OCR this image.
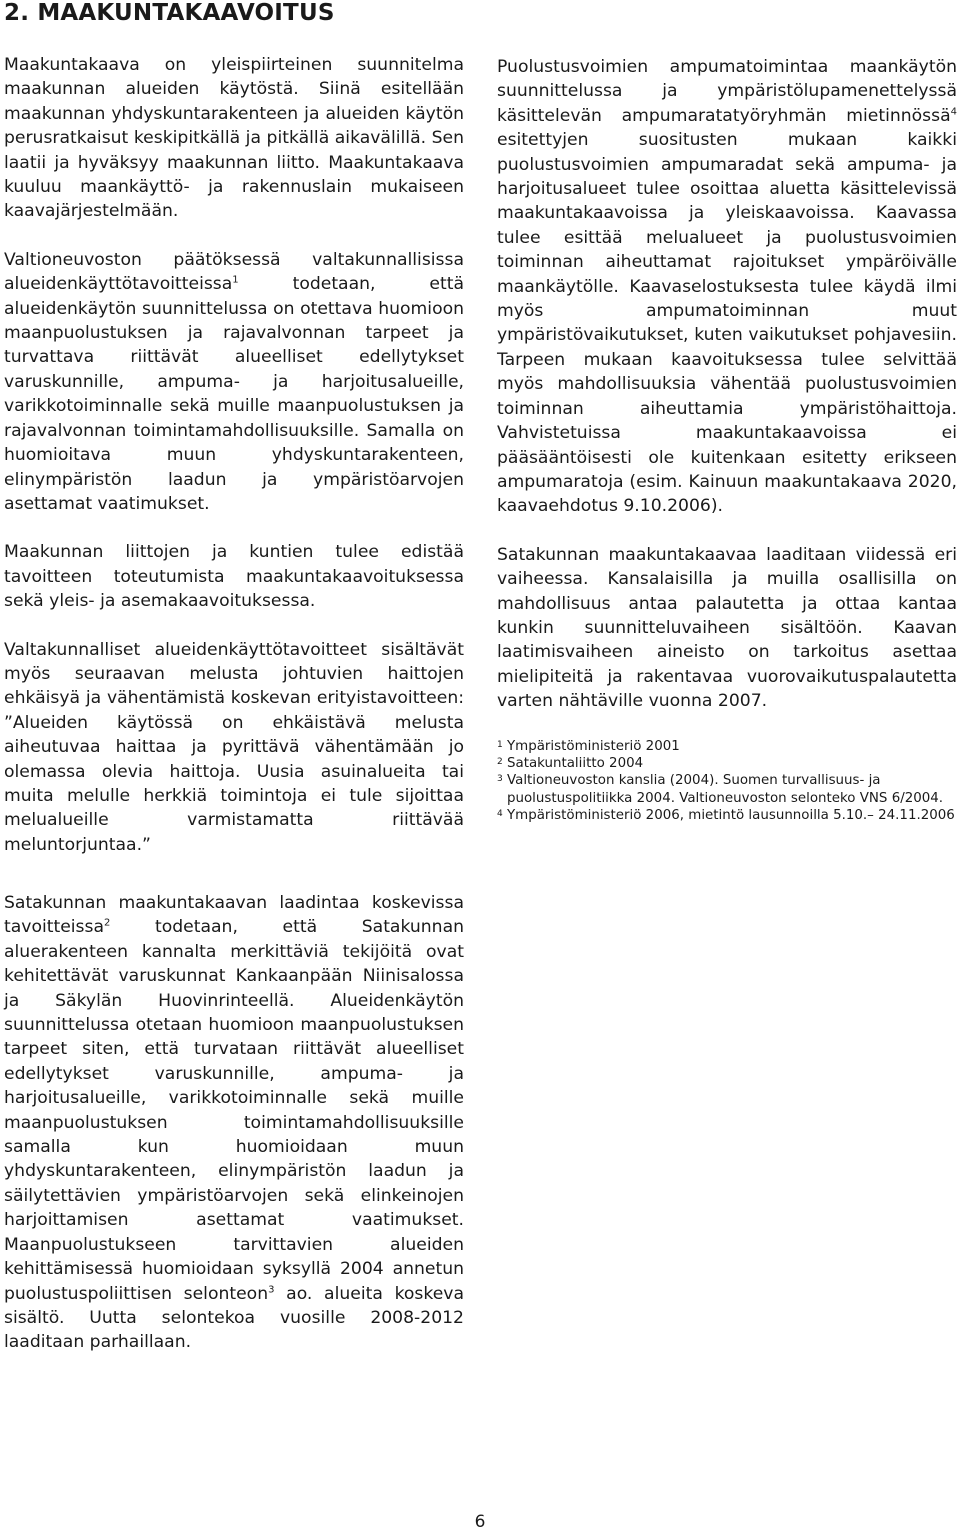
2. MAAKUNTAKAAVOITUS

Maakuntakaava on yleispiirteinen suunnitelma maakunnan alueiden käytöstä. Siinä esitellään maakunnan yhdyskuntarakenteen ja alueiden käytön perusratkaisut keskipitkällä ja pitkällä aikavälillä. Sen laatii ja hyväksyy maakunnan liitto. Maakuntakaava kuuluu maankäyttö- ja rakennuslain mukaiseen kaavajärjestelmään.

Valtioneuvoston päätöksessä valtakunnallisissa alueidenkäyttötavoitteissa$^1$ todetaan, että alueidenkäytön suunnittelussa on otettava huomioon maanpuolustuksen ja rajavalvonnan tarpeet ja turvattava riittävät alueelliset edellytykset varuskunnille, ampuma- ja harjoitusalueille, varikkotoiminnalle sekä muille maanpuolustuksen ja rajavalvonnan toimintamahdollisuuksille. Samalla on huomioitava muun yhdyskuntarakenteen, elinympäristön laadun ja ympäristöarvojen asettamat vaatimukset.

Maakunnan liittojen ja kuntien tulee edistää tavoitteen toteutumista maakuntakaavoituksessa sekä yleis- ja asemakaavoituksessa.

Valtakunnalliset alueidenkäyttötavoitteet sisältävät myös seuraavan melusta johtuvien haittojen ehkäisyä ja vähentämistä koskevan erityistavoitteen: ”Alueiden käytössä on ehkäistävä melusta aiheutuvaa haittaa ja pyrittävä vähentämään jo olemassa olevia haittoja. Uusia asuinalueita tai muita melulle herkkiä toimintoja ei tule sijoittaa melualueille varmistamatta riittävää meluntorjuntaa.”

Puolustusvoimien ampumatoimintaa maankäytön suunnittelussa ja ympäristölupamenettelyssä käsittelevän ampumaratatyöryhmän mietinnössä$^4$ esitettyjen suositusten mukaan kaikki puolustusvoimien ampumaradat sekä ampuma- ja harjoitusalueet tulee osoittaa aluetta käsittelevissä maakuntakaavoissa ja yleiskaavoissa. Kaavassa tulee esittää melualueet ja puolustusvoimien toiminnan aiheuttamat rajoitukset ympäröivälle maankäytölle. Kaavaselostuksesta tulee käydä ilmi myös ampumatoiminnan muut ympäristövaikutukset, kuten vaikutukset pohjavesiin. Tarpeen mukaan kaavoituksessa tulee selvittää myös mahdollisuuksia vähentää puolustusvoimien toiminnan aiheuttamia ympäristöhaittoja. Vahvistetuissa maakuntakaavoissa ei pääsääntöisesti ole kuitenkaan esitetty erikseen ampumaratoja (esim. Kainuun maakuntakaava 2020, kaavaehdotus 9.10.2006).

Satakunnan maakuntakaavaa laaditaan viidessä eri vaiheessa. Kansalaisilla ja muilla osallisilla on mahdollisuus antaa palautetta ja ottaa kantaa kunkin suunnitteluvaiheen sisältöön. Kaavan laatimisvaiheen aineisto on tarkoitus asettaa mielipiteitä ja rakentavaa vuorovaikutuspalautetta varten nähtäville vuonna 2007.

1 Ympäristöministeriö 2001
2 Satakuntaliitto 2004
3 Valtioneuvoston kanslia (2004). Suomen turvallisuus- ja puolustuspolitiikka 2004. Valtioneuvoston selonteko VNS 6/2004.
4 Ympäristöministeriö 2006, mietintö lausunnoilla 5.10.– 24.11.2006

Satakunnan maakuntakaavan laadintaa koskevissa tavoitteissa$^2$ todetaan, että Satakunnan aluerakenteen kannalta merkittäviä tekijöitä ovat kehitettävät varuskunnat Kankaanpään Niinisalossa ja Säkylän Huovinrinteellä. Alueidenkäytön suunnittelussa otetaan huomioon maanpuolustuksen tarpeet siten, että turvataan riittävät alueelliset edellytykset varuskunnille, ampuma- ja harjoitusalueille, varikkotoiminnalle sekä muille maanpuolustuksen toimintamahdollisuuksille samalla kun huomioidaan muun yhdyskuntarakenteen, elinympäristön laadun ja säilytettävien ympäristöarvojen sekä elinkeinojen harjoittamisen asettamat vaatimukset. Maanpuolustukseen tarvittavien alueiden kehittämisessä huomioidaan syksyllä 2004 annetun puolustuspoliittisen selonteon$^3$ ao. alueita koskeva sisältö. Uutta selontekoa vuosille 2008-2012 laaditaan parhaillaan.

6
